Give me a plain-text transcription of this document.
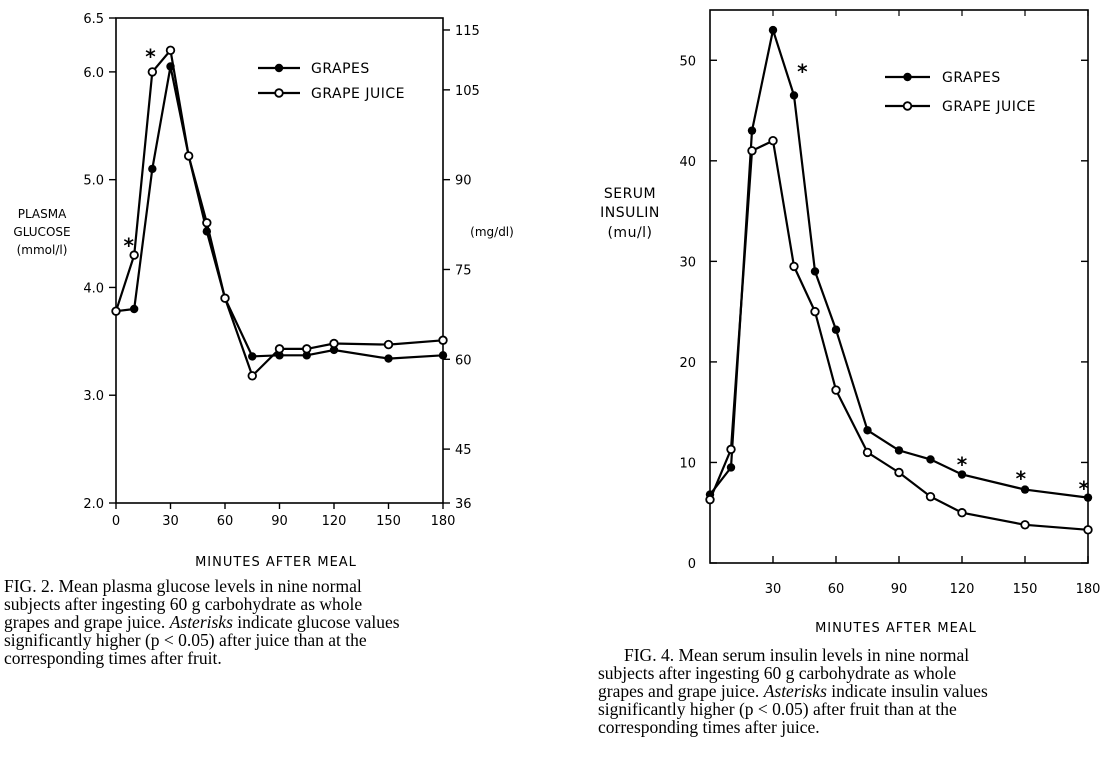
0	30	60	90	120 150 180
2.0
3.0
4.0
5.0
6.0
6.5
36
45
60
75
90
105
115
(mg/dl)
PLASMA
GLUCOSE
(mmol/l)
MINUTES AFTER MEAL
GRAPES
GRAPE JUICE
*
*
30	60	90	120	150	180
0
10
20
30
40
50
SERUM
INSULIN
(mu/l)
MINUTES AFTER MEAL
GRAPES
GRAPE JUICE
*
*
*	*

FIG. 2. Mean plasma glucose levels in nine normal

subjects after ingesting 60 g carbohydrate as whole

grapes and grape juice. Asterisks indicate glucose values

significantly higher (p < 0.05) after juice than at the

corresponding times after fruit.	FIG. 4. Mean serum insulin levels in nine normal

subjects after ingesting 60 g carbohydrate as whole

grapes and grape juice. Asterisks indicate insulin values

significantly higher (p < 0.05) after fruit than at the

corresponding times after juice.
